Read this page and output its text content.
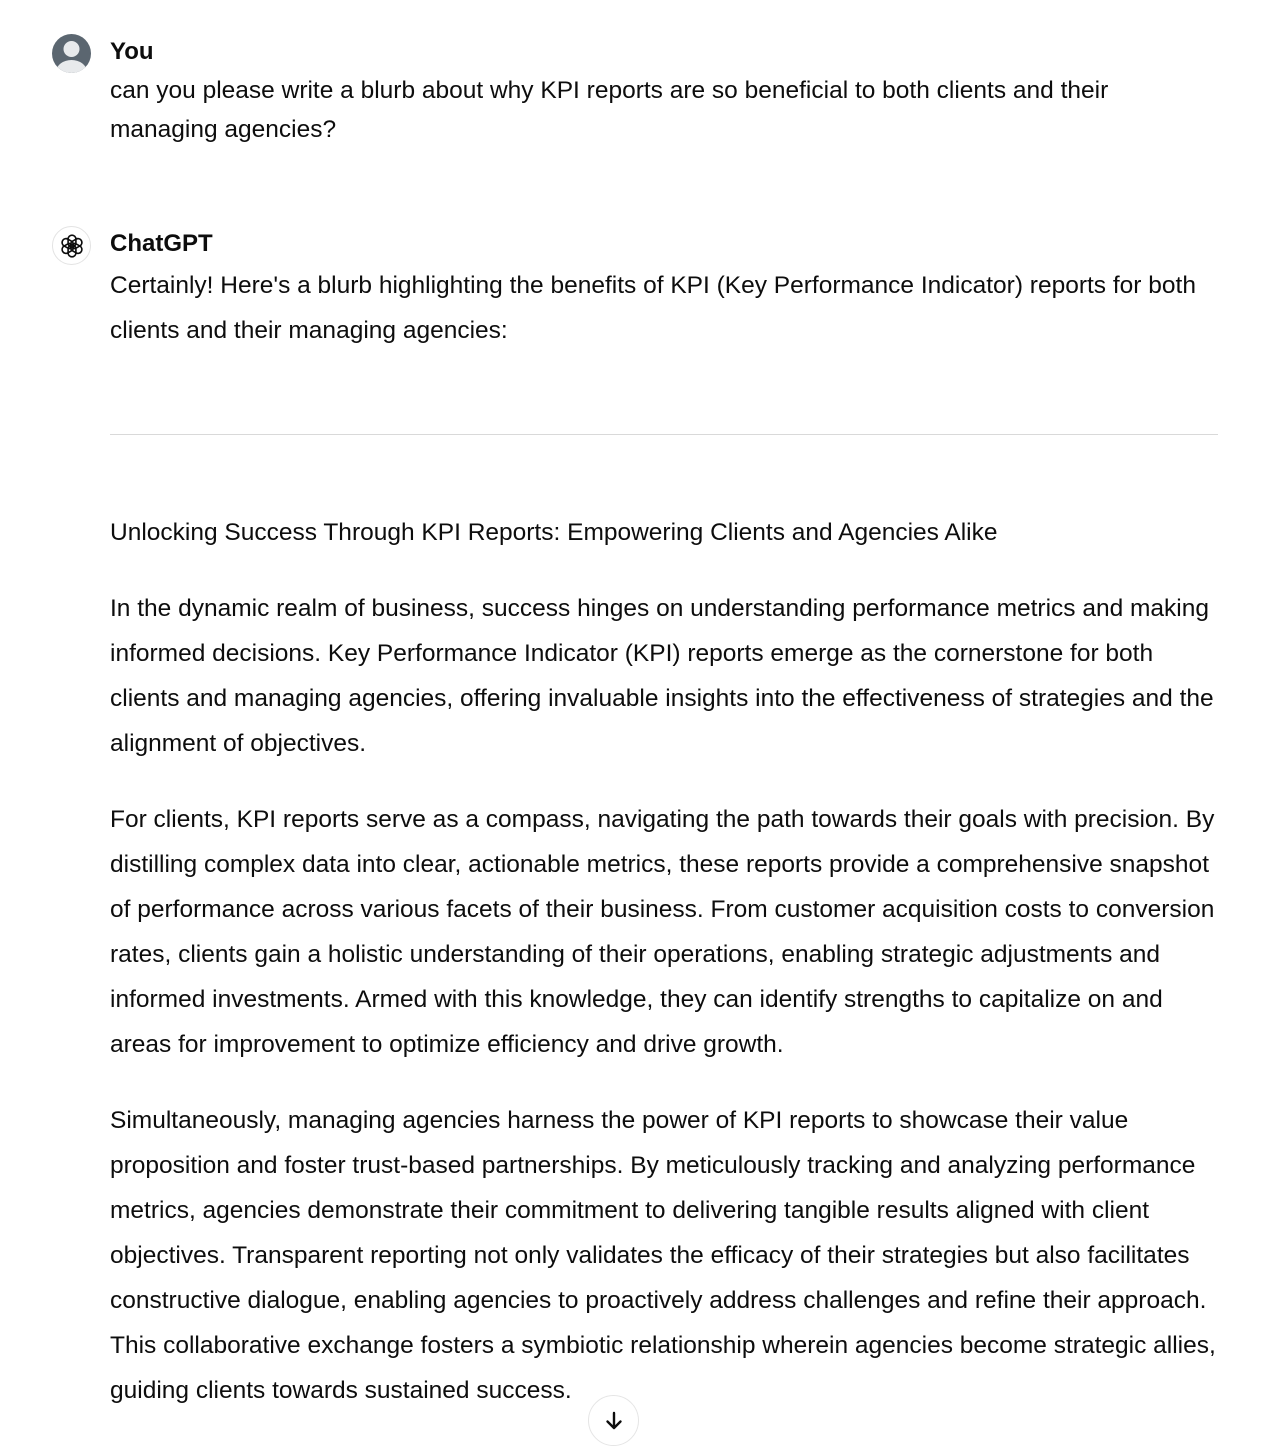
You
can you please write a blurb about why KPI reports are so beneficial to both clients and their managing agencies?
ChatGPT

Certainly! Here's a blurb highlighting the benefits of KPI (Key Performance Indicator) reports for both clients and their managing agencies:

Unlocking Success Through KPI Reports: Empowering Clients and Agencies Alike

In the dynamic realm of business, success hinges on understanding performance metrics and making informed decisions. Key Performance Indicator (KPI) reports emerge as the cornerstone for both clients and managing agencies, offering invaluable insights into the effectiveness of strategies and the alignment of objectives.

For clients, KPI reports serve as a compass, navigating the path towards their goals with precision. By distilling complex data into clear, actionable metrics, these reports provide a comprehensive snapshot of performance across various facets of their business. From customer acquisition costs to conversion rates, clients gain a holistic understanding of their operations, enabling strategic adjustments and informed investments. Armed with this knowledge, they can identify strengths to capitalize on and areas for improvement to optimize efficiency and drive growth.

Simultaneously, managing agencies harness the power of KPI reports to showcase their value proposition and foster trust-based partnerships. By meticulously tracking and analyzing performance metrics, agencies demonstrate their commitment to delivering tangible results aligned with client objectives. Transparent reporting not only validates the efficacy of their strategies but also facilitates constructive dialogue, enabling agencies to proactively address challenges and refine their approach. This collaborative exchange fosters a symbiotic relationship wherein agencies become strategic allies, guiding clients towards sustained success.
